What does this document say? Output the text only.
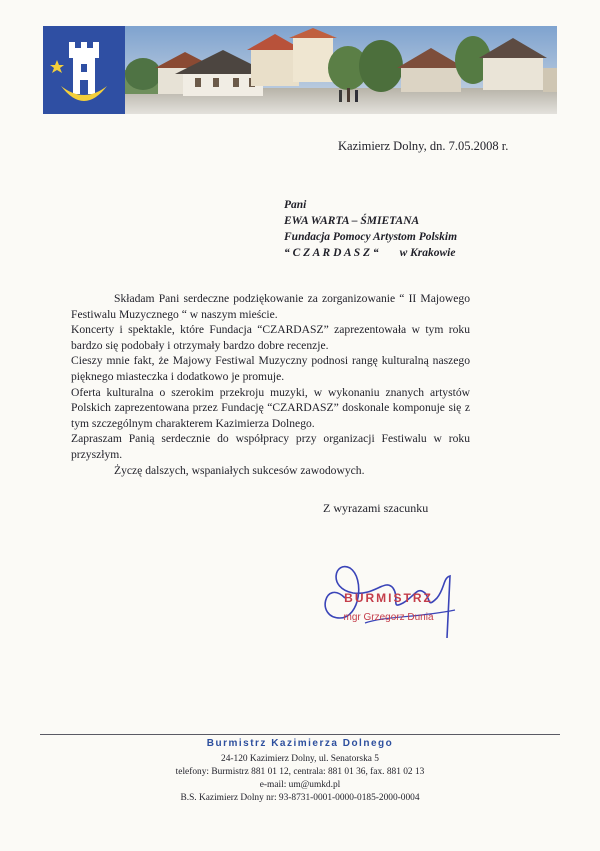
Kazimierz Dolny, dn. 7.05.2008 r.
Pani
EWA WARTA – ŚMIETANA
Fundacja Pomocy Artystom Polskim
“ C Z A R D A S Z “ w Krakowie

Składam Pani serdeczne podziękowanie za zorganizowanie “ II Majowego Festiwalu Muzycznego “ w naszym mieście.

Koncerty i spektakle, które Fundacja “CZARDASZ” zaprezentowała w tym roku bardzo się podobały i otrzymały bardzo dobre recenzje.

Cieszy mnie fakt, że Majowy Festiwal Muzyczny podnosi rangę kulturalną naszego pięknego miasteczka i dodatkowo je promuje.

Oferta kulturalna o szerokim przekroju muzyki, w wykonaniu znanych artystów Polskich zaprezentowana przez Fundację “CZARDASZ” doskonale komponuje się z tym szczególnym charakterem Kazimierza Dolnego.

Zapraszam Panią serdecznie do współpracy przy organizacji Festiwalu w roku przyszłym.

Życzę dalszych, wspaniałych sukcesów zawodowych.

Z wyrazami szacunku
BURMISTRZ
mgr Grzegorz Dunia
Burmistrz Kazimierza Dolnego
24-120 Kazimierz Dolny, ul. Senatorska 5
telefony: Burmistrz 881 01 12, centrala: 881 01 36, fax. 881 02 13
e-mail: um@umkd.pl
B.S. Kazimierz Dolny nr: 93-8731-0001-0000-0185-2000-0004
